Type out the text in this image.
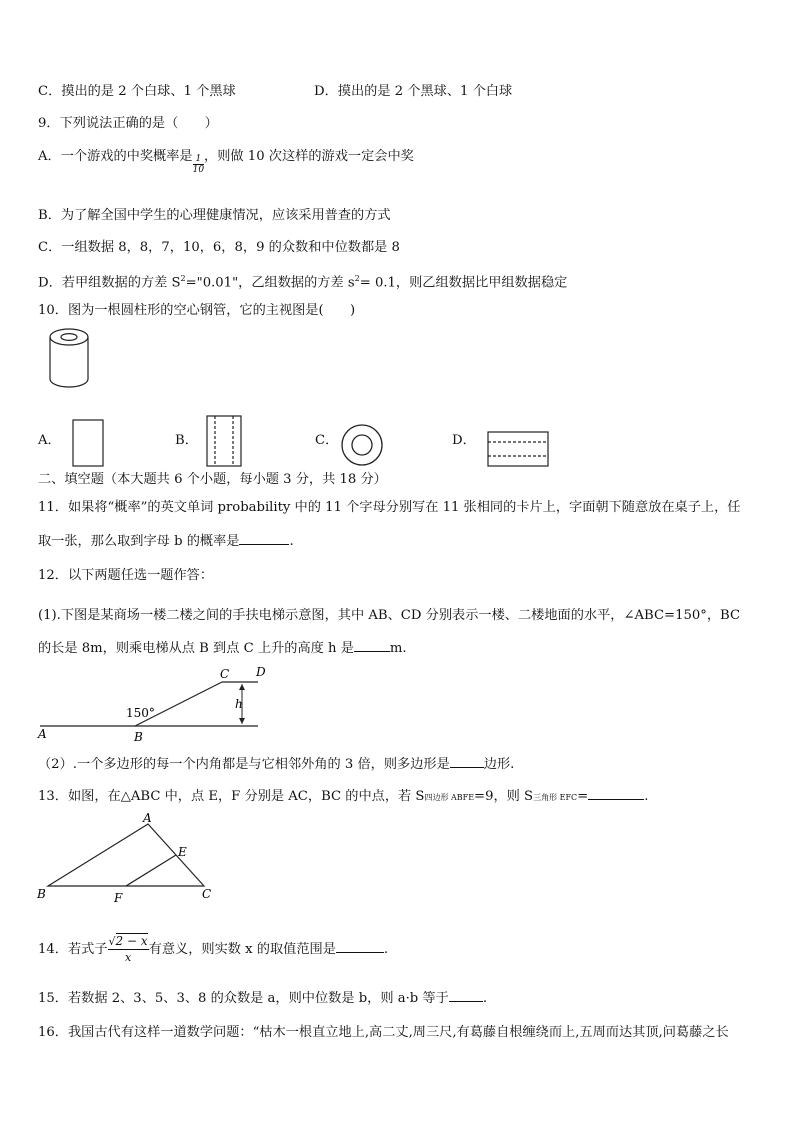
C．摸出的是 2 个白球、1 个黑球	D．摸出的是 2 个黑球、1 个白球
9．下列说法正确的是（　　）
A．一个游戏的中奖概率是 $\frac{1}{10}$，则做 10 次这样的游戏一定会中奖
B．为了解全国中学生的心理健康情况，应该采用普查的方式
C．一组数据 8，8，7，10，6，8，9 的众数和中位数都是 8
D．若甲组数据的方差 $S^2="0.01$"，乙组数据的方差 $s^2= 0.1$，则乙组数据比甲组数据稳定
10．图为一根圆柱形的空心钢管，它的主视图是(　　)
A．	B．	C．	D．
二、填空题（本大题共 6 个小题，每小题 3 分，共 18 分）
11．如果将“概率”的英文单词 probability 中的 11 个字母分别写在 11 张相同的卡片上，字面朝下随意放在桌子上，任
取一张，那么取到字母 b 的概率是	.
12．以下两题任选一题作答：
(1).下图是某商场一楼二楼之间的手扶电梯示意图，其中 AB、CD 分别表示一楼、二楼地面的水平，∠ABC=150°，BC
的长是 8m，则乘电梯从点 B 到点 C 上升的高度 h 是	m.
A	B
C D
h
150°
（2）.一个多边形的每一个内角都是与它相邻外角的 3 倍，则多边形是	边形.
13．如图，在△ABC 中，点 E，F 分别是 AC，BC 的中点，若 S四边形 ABFE=9，则 S三角形 EFC=	.
A
B	C
E
F
14．若式子 $\frac{√2 - x}{x}$有意义，则实数 x 的取值范围是	.
15．若数据 2、3、5、3、8 的众数是 a，则中位数是 b，则 a·b 等于	.
16．我国古代有这样一道数学问题：“枯木一根直立地上,高二丈,周三尺,有葛藤自根缠绕而上,五周而达其顶,问葛藤之长
